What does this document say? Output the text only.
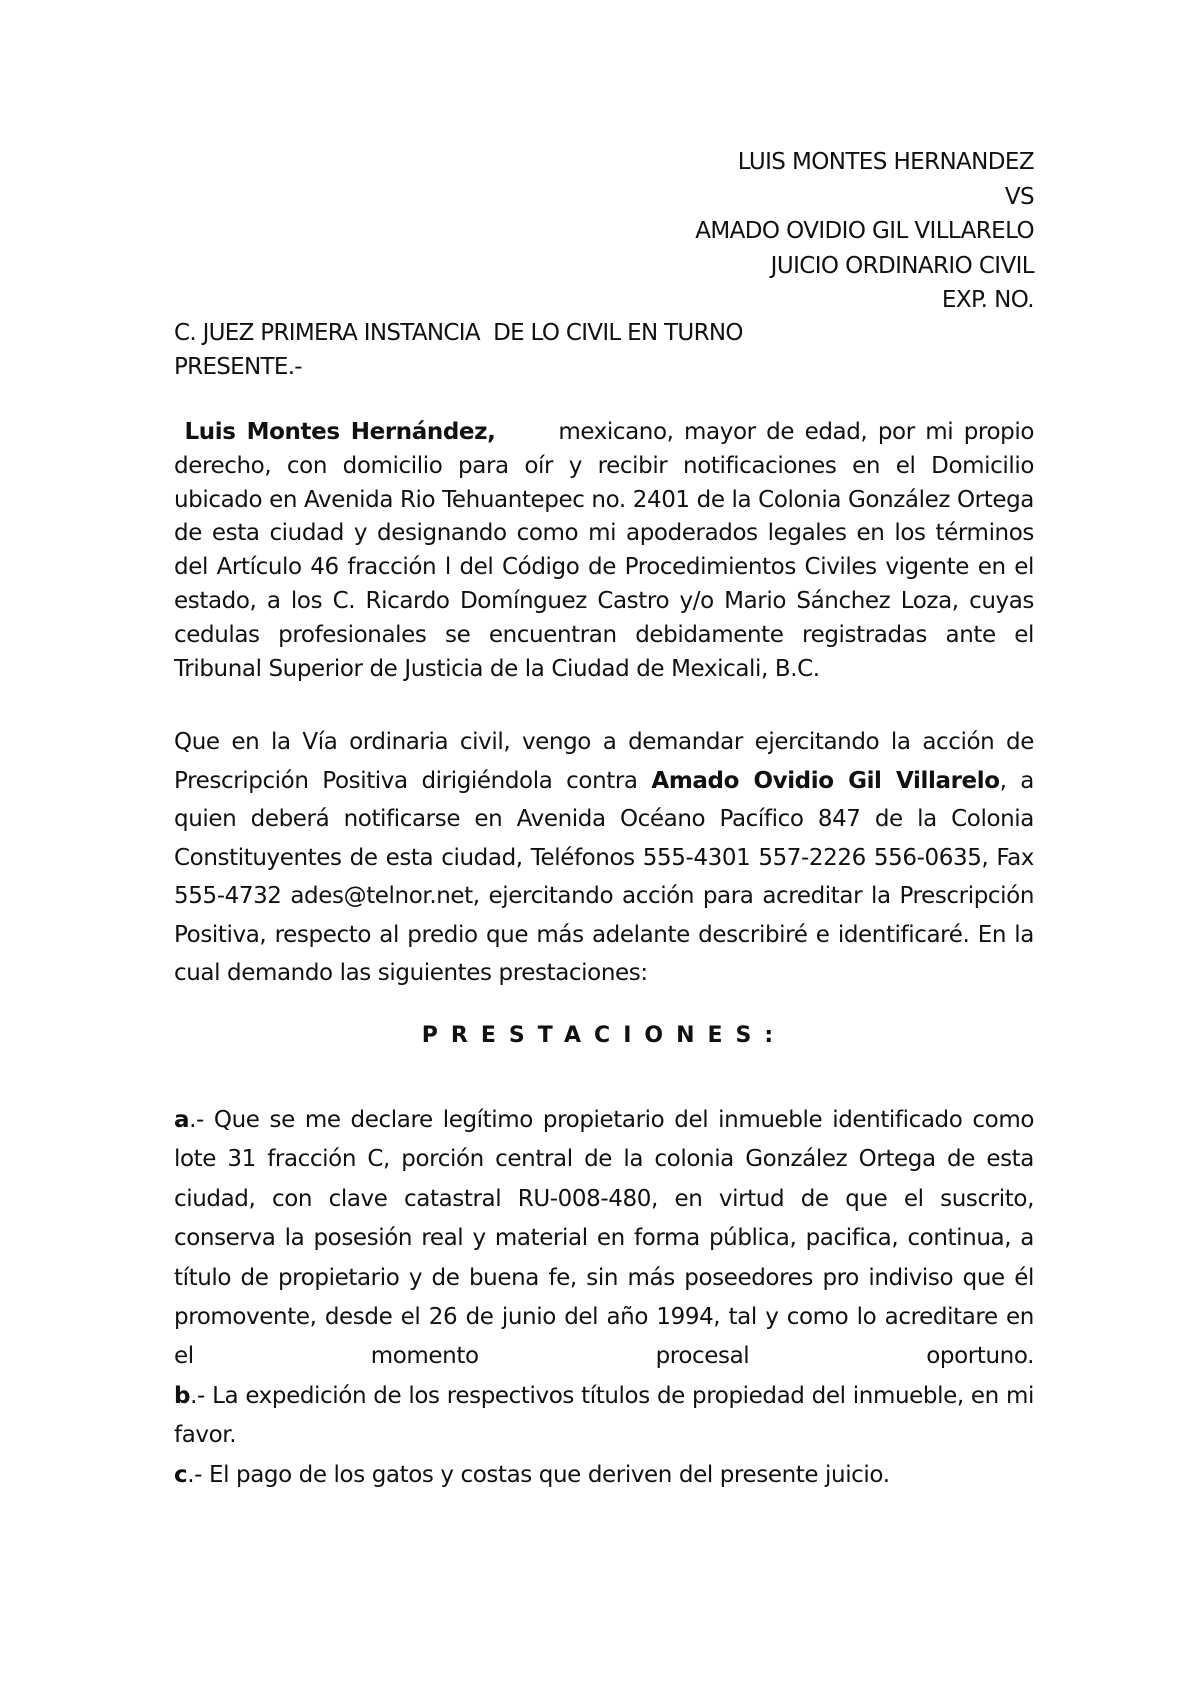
LUIS MONTES HERNANDEZ
VS
AMADO OVIDIO GIL VILLARELO
JUICIO ORDINARIO CIVIL
EXP. NO.
C. JUEZ PRIMERA INSTANCIA  DE LO CIVIL EN TURNO
PRESENTE.-
Luis Montes Hernández,	mexicano, mayor de edad, por mi propio derecho, con domicilio para oír y recibir notificaciones en el Domicilio ubicado en Avenida Rio Tehuantepec no. 2401 de la Colonia González Ortega de esta ciudad y designando como mi apoderados legales en los términos del Artículo 46 fracción l del Código de Procedimientos Civiles vigente en el estado, a los C. Ricardo Domínguez Castro y/o Mario Sánchez Loza, cuyas cedulas profesionales se encuentran debidamente registradas ante el Tribunal Superior de Justicia de la Ciudad de Mexicali, B.C.
Que en la Vía ordinaria civil, vengo a demandar ejercitando la acción de Prescripción Positiva dirigiéndola contra Amado Ovidio Gil Villarelo, a quien deberá notificarse en Avenida Océano Pacífico 847 de la Colonia Constituyentes de esta ciudad, Teléfonos 555-4301 557-2226 556-0635, Fax 555-4732 ades@telnor.net, ejercitando acción para acreditar la Prescripción Positiva, respecto al predio que más adelante describiré e identificaré. En la cual demando las siguientes prestaciones:
PRESTACIONES:
a.- Que se me declare legítimo propietario del inmueble identificado como lote 31 fracción C, porción central de la colonia González Ortega de esta ciudad, con clave catastral RU-008-480, en virtud de que el suscrito, conserva la posesión real y material en forma pública, pacifica, continua, a título de propietario y de buena fe, sin más poseedores pro indiviso que él promovente, desde el 26 de junio del año 1994, tal y como lo acreditare en el momento procesal oportuno.
b.- La expedición de los respectivos títulos de propiedad del inmueble, en mi favor.
c.- El pago de los gatos y costas que deriven del presente juicio.
